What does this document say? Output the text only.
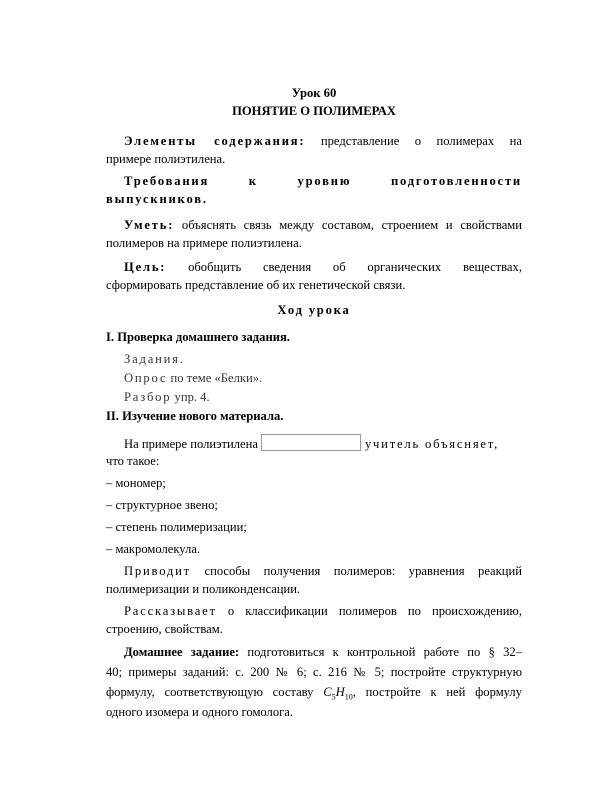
Урок 60
ПОНЯТИЕ О ПОЛИМЕРАХ
Элементы содержания: представление о полимерах на
примере полиэтилена.
Требования	к	уровню	подготовленности
выпускников.
Уметь: объяснять связь между составом, строением и свойствами
полимеров на примере полиэтилена.
Цель: обобщить сведения об органических веществах,
сформировать представление об их генетической связи.
Ход урока
I. Проверка домашнего задания.
Задания.
Опрос по теме «Белки».
Разбор упр. 4.
II. Изучение нового материала.
На примере полиэтилена	учитель объясняет,
что такое:
– мономер;
– структурное звено;
– степень полимеризации;
– макромолекула.
Приводит способы получения полимеров: уравнения реакций
полимеризации и поликонденсации.
Рассказывает о классификации полимеров по происхождению,
строению, свойствам.
Домашнее задание: подготовиться к контрольной работе по § 32–
40; примеры заданий: с. 200 № 6; с. 216 № 5; постройте структурную
формулу, соответствующую составу $C_5H_{10}$, постройте к ней формулу
одного изомера и одного гомолога.
